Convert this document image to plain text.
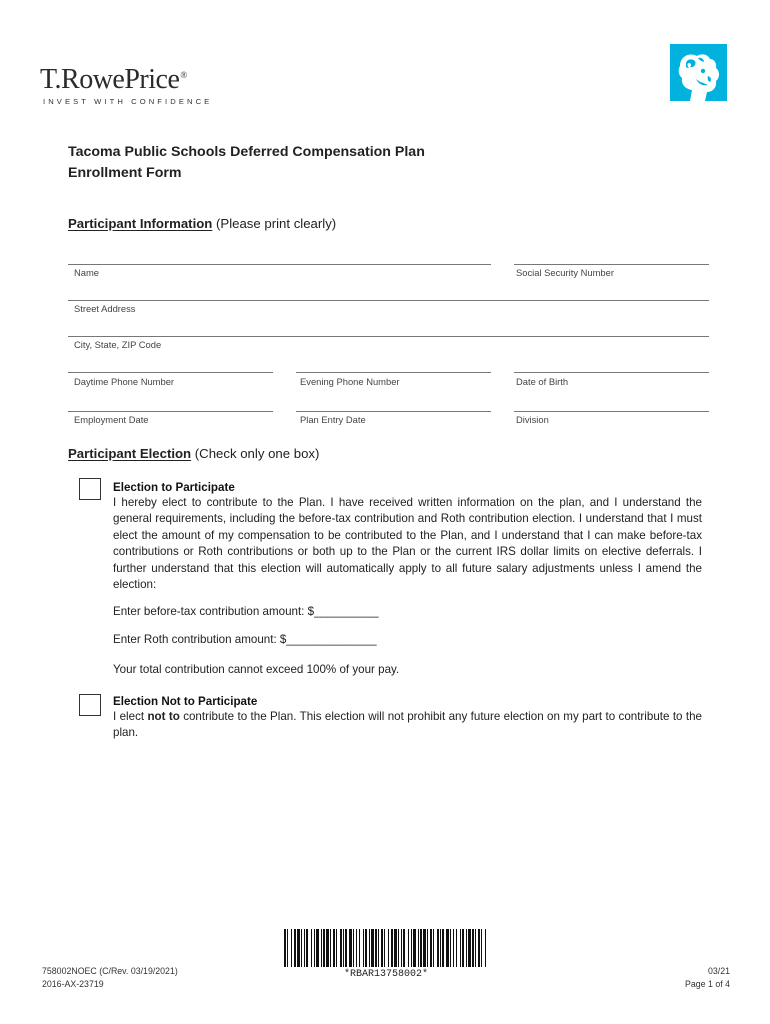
T.RowePrice®
INVEST WITH CONFIDENCE
Tacoma Public Schools Deferred Compensation Plan
Enrollment Form
Participant Information (Please print clearly)
Name	Social Security Number
Street Address
City, State, ZIP Code
Daytime Phone Number	Evening Phone Number	Date of Birth
Employment Date	Plan Entry Date	Division
Participant Election (Check only one box)
Election to Participate
I hereby elect to contribute to the Plan. I have received written information on the plan, and I understand the general requirements, including the before-tax contribution and Roth contribution election. I understand that I must elect the amount of my compensation to be contributed to the Plan, and I understand that I can make before-tax contributions or Roth contributions or both up to the Plan or the current IRS dollar limits on elective deferrals. I further understand that this election will automatically apply to all future salary adjustments unless I amend the election:
Enter before-tax contribution amount: $__________
Enter Roth contribution amount: $______________
Your total contribution cannot exceed 100% of your pay.
Election Not to Participate
I elect not to contribute to the Plan. This election will not prohibit any future election on my part to contribute to the plan.
758002NOEC (C/Rev. 03/19/2021)
2016-AX-23719
*RBAR13758002*	03/21
Page 1 of 4
